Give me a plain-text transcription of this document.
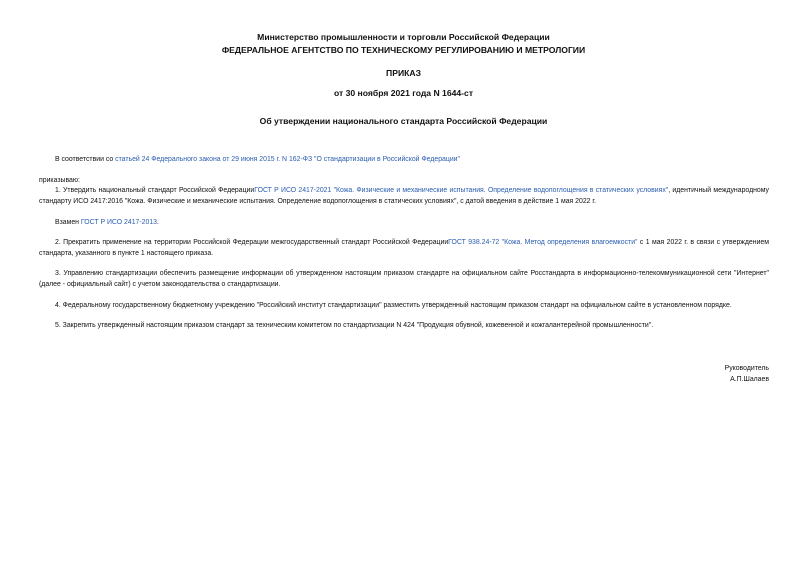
Министерство промышленности и торговли Российской Федерации
ФЕДЕРАЛЬНОЕ АГЕНТСТВО ПО ТЕХНИЧЕСКОМУ РЕГУЛИРОВАНИЮ И МЕТРОЛОГИИ
ПРИКАЗ
от 30 ноября 2021 года N 1644-ст
Об утверждении национального стандарта Российской Федерации
В соответствии со статьей 24 Федерального закона от 29 июня 2015 г. N 162-ФЗ "О стандартизации в Российской Федерации"
приказываю:
1. Утвердить национальный стандарт Российской ФедерацииГОСТ Р ИСО 2417-2021 "Кожа. Физические и механические испытания. Определение водопоглощения в статических условиях", идентичный международному стандарту ИСО 2417:2016 "Кожа. Физические и механические испытания. Определение водопоглощения в статических условиях", с датой введения в действие 1 мая 2022 г.
Взамен ГОСТ Р ИСО 2417-2013.
2. Прекратить применение на территории Российской Федерации межгосударственный стандарт Российской ФедерацииГОСТ 938.24-72 "Кожа. Метод определения влагоемкости" с 1 мая 2022 г. в связи с утверждением стандарта, указанного в пункте 1 настоящего приказа.
3. Управлению стандартизации обеспечить размещение информации об утвержденном настоящим приказом стандарте на официальном сайте Росстандарта в информационно-телекоммуникационной сети "Интернет" (далее - официальный сайт) с учетом законодательства о стандартизации.
4. Федеральному государственному бюджетному учреждению "Российский институт стандартизации" разместить утвержденный настоящим приказом стандарт на официальном сайте в установленном порядке.
5. Закрепить утвержденный настоящим приказом стандарт за техническим комитетом по стандартизации N 424 "Продукция обувной, кожевенной и кожгалантерейной промышленности".
Руководитель
А.П.Шалаев
